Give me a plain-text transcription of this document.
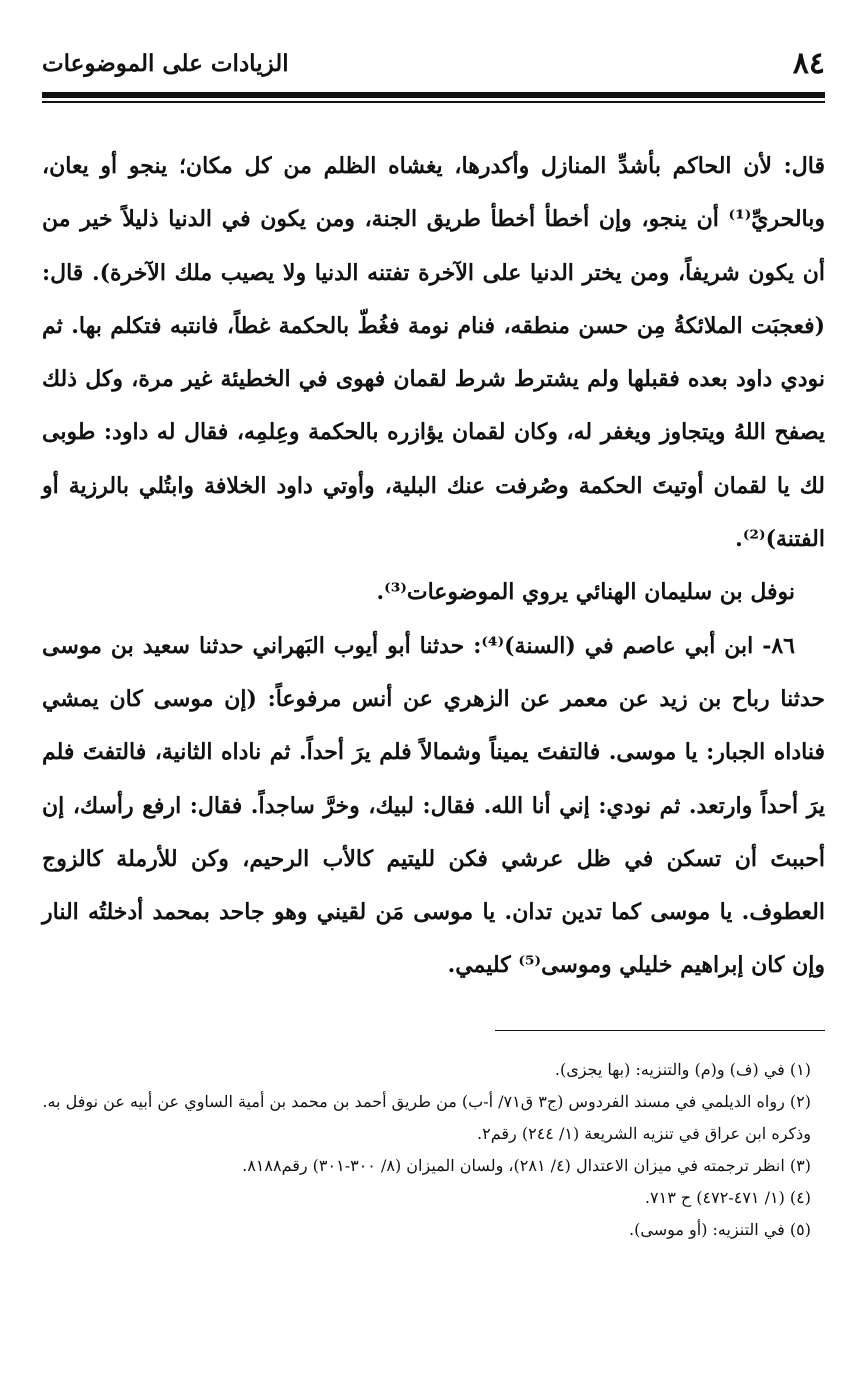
٨٤
الزيادات على الموضوعات

قال: لأن الحاكم بأشدِّ المنازل وأكدرها، يغشاه الظلم من كل مكان؛ ينجو أو يعان، وبالحريِّ⁽¹⁾ أن ينجو، وإن أخطأ أخطأ طريق الجنة، ومن يكون في الدنيا ذليلاً خير من أن يكون شريفاً، ومن يختر الدنيا على الآخرة تفتنه الدنيا ولا يصيب ملك الآخرة). قال: (فعجبَت الملائكةُ مِن حسن منطقه، فنام نومة فغُطّ بالحكمة غطاً، فانتبه فتكلم بها. ثم نودي داود بعده فقبلها ولم يشترط شرط لقمان فهوى في الخطيئة غير مرة، وكل ذلك يصفح اللهُ ويتجاوز ويغفر له، وكان لقمان يؤازره بالحكمة وعِلمِه، فقال له داود: طوبى لك يا لقمان أوتيتَ الحكمة وصُرفت عنك البلية، وأوتي داود الخلافة وابتُلي بالرزية أو الفتنة)⁽²⁾.

نوفل بن سليمان الهنائي يروي الموضوعات⁽³⁾.

٨٦- ابن أبي عاصم في (السنة)⁽⁴⁾: حدثنا أبو أيوب البَهراني حدثنا سعيد بن موسى حدثنا رباح بن زيد عن معمر عن الزهري عن أنس مرفوعاً: (إن موسى كان يمشي فناداه الجبار: يا موسى. فالتفتَ يميناً وشمالاً فلم يرَ أحداً. ثم ناداه الثانية، فالتفتَ فلم يرَ أحداً وارتعد. ثم نودي: إني أنا الله. فقال: لبيك، وخرَّ ساجداً. فقال: ارفع رأسك، إن أحببتَ أن تسكن في ظل عرشي فكن لليتيم كالأب الرحيم، وكن للأرملة كالزوج العطوف. يا موسى كما تدين تدان. يا موسى مَن لقيني وهو جاحد بمحمد أدخلتُه النار وإن كان إبراهيم خليلي وموسى⁽⁵⁾ كليمي.

(١) في (ف) و(م) والتنزيه: (بها يجزى).

(٢) رواه الديلمي في مسند الفردوس (ج٣ ق٧١/ أ-ب) من طريق أحمد بن محمد بن أمية الساوي عن أبيه عن نوفل به.

وذكره ابن عراق في تنزيه الشريعة (١/ ٢٤٤) رقم٢.

(٣) انظر ترجمته في ميزان الاعتدال (٤/ ٢٨١)، ولسان الميزان (٨/ ٣٠٠-٣٠١) رقم٨١٨٨.

(٤) (١/ ٤٧١-٤٧٢) ح ٧١٣.

(٥) في التنزيه: (أو موسى).
